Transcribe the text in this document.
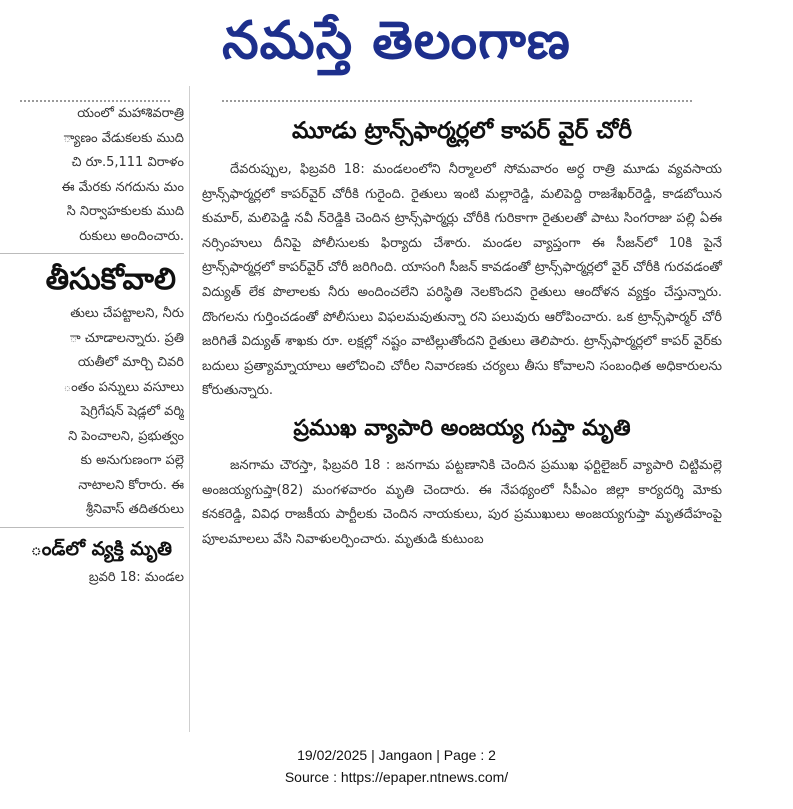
నమస్తే తెలంగాణ
యంలో మహాశివరాత్రి
్యాణం వేడుకలకు ముది
చి రూ.5,111 విరాళం
ఈ మేరకు నగదును మం
సి నిర్వాహకులకు ముది
రుకులు అందించారు.
తీసుకోవాలి
తులు చేపట్టాలని, నీరు
ా చూడాలన్నారు. ప్రతి
యతీలో మార్చి చివరి
ంతం పన్నులు వసూలు
షెగ్రిగేషన్ షెడ్లలో వర్మి
ని పెంచాలని, ప్రభుత్వం
కు అనుగుణంగా పల్లె
నాటాలని కోరారు. ఈ
శ్రీనివాస్ తదితరులు
ండ్‌లో వ్యక్తి మృతి
బ్రవరి 18: మండల
మూడు ట్రాన్స్‌ఫార్మర్లలో కాపర్ వైర్ చోరీ

దేవరుప్పుల, ఫిబ్రవరి 18: మండలంలోని నీర్మాలలో సోమవారం అర్ధ రాత్రి మూడు వ్యవసాయ ట్రాన్స్‌ఫార్మర్లలో కాపర్‌వైర్ చోరీకి గురైంది. రైతులు ఇంటి మల్లారెడ్డి, మలిపెద్ది రాజశేఖర్‌రెడ్డి, కాడబోయిన కుమార్, మలిపెడ్డి నవీ న్‌రెడ్డికి చెందిన ట్రాన్స్‌ఫార్మర్లు చోరీకి గురికాగా రైతులతో పాటు సింగరాజు పల్లి ఏఈ నర్సింహులు దీనిపై పోలీసులకు ఫిర్యాదు చేశారు. మండల వ్యాప్తంగా ఈ సీజన్‌లో 10కి పైనే ట్రాన్స్‌ఫార్మర్లలో కాపర్‌వైర్ చోరీ జరిగింది. యాసంగి సీజన్ కావడంతో ట్రాన్స్‌ఫార్మర్లలో వైర్ చోరీకి గురవడంతో విద్యుత్ లేక పొలాలకు నీరు అందించలేని పరిస్థితి నెలకొందని రైతులు ఆందోళన వ్యక్తం చేస్తున్నారు. దొంగలను గుర్తించడంతో పోలీసులు విఫలమవుతున్నా రని పలువురు ఆరోపించారు. ఒక ట్రాన్స్‌ఫార్మర్ చోరీ జరిగితే విద్యుత్ శాఖకు రూ. లక్షల్లో నష్టం వాటిల్లుతోందని రైతులు తెలిపారు. ట్రాన్స్‌ఫార్మర్లలో కాపర్ వైర్‌కు బదులు ప్రత్యామ్నాయాలు ఆలోచించి చోరీల నివారణకు చర్యలు తీసు కోవాలని సంబంధిత అధికారులను కోరుతున్నారు.

ప్రముఖ వ్యాపారి అంజయ్య గుప్తా మృతి

జనగామ చౌరస్తా, ఫిబ్రవరి 18 : జనగామ పట్టణానికి చెందిన ప్రముఖ ఫర్టిలైజర్ వ్యాపారి చిట్టిమల్లె అంజయ్యగుప్తా(82) మంగళవారం మృతి చెందారు. ఈ నేపథ్యంలో సీపీఎం జిల్లా కార్యదర్శి మోకు కనకరెడ్డి, వివిధ రాజకీయ పార్టీలకు చెందిన నాయకులు, పుర ప్రముఖులు అంజయ్యగుప్తా మృతదేహంపై పూలమాలలు వేసి నివాళులర్పించారు. మృతుడి కుటుంబ

19/02/2025 | Jangaon | Page : 2
Source : https://epaper.ntnews.com/
